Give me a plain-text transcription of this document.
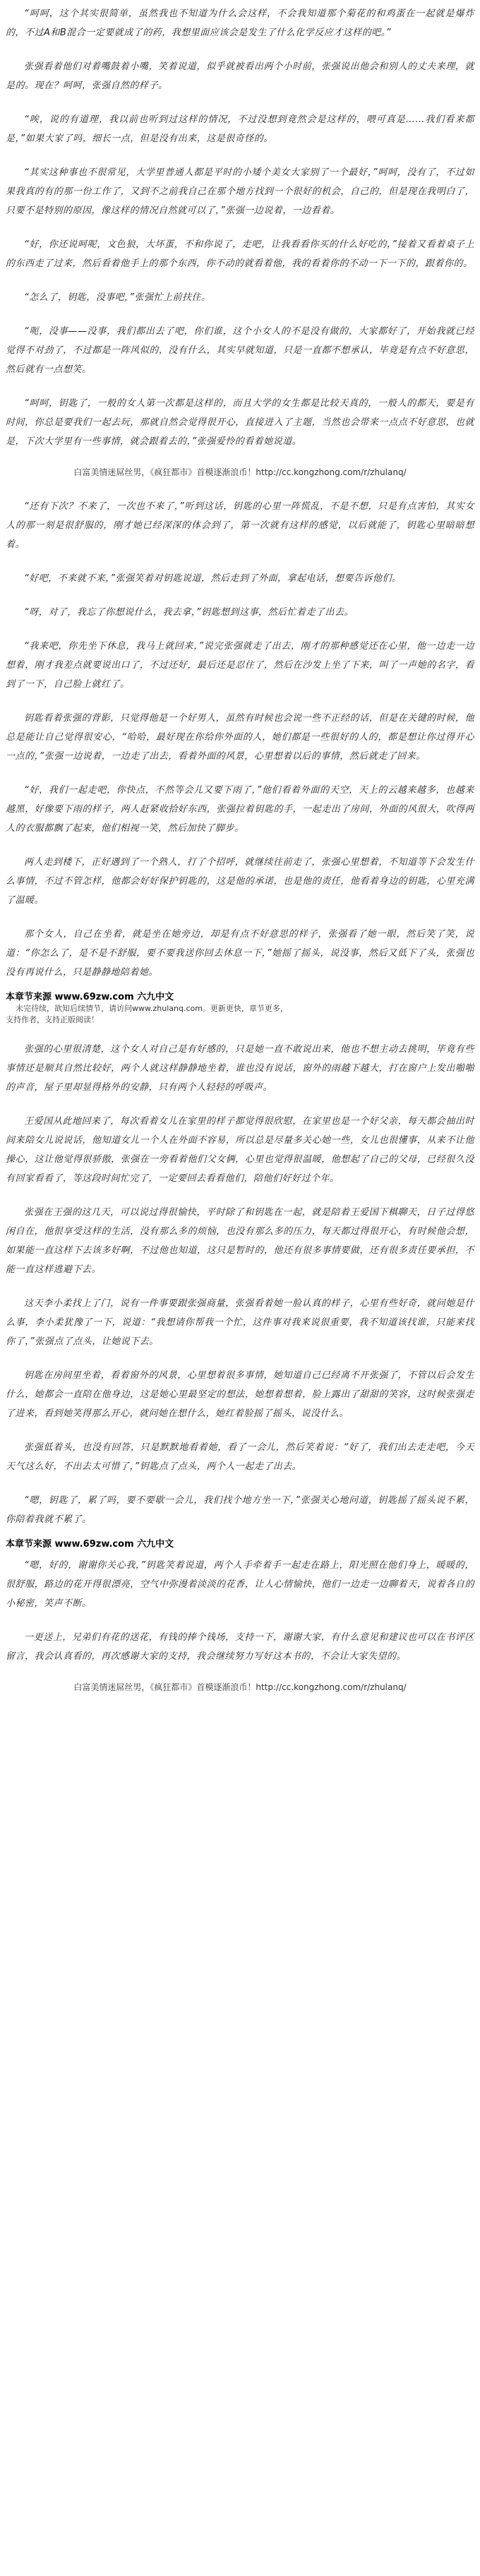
“呵呵，这个其实很简单，虽然我也不知道为什么会这样，不会我知道那个菊花的和鸡蛋在一起就是爆炸的，不过A和B混合一定要就成了的药，我想里面应该会是发生了什么化学反应才这样的吧。”

张强看着他们对着嘴鼓着小嘴，笑着说道，似乎就被看出两个小时前，张强说出他会和别人的丈夫来理，就是的。现在？呵呵，张强自然的样子。

“唉，说的有道理，我以前也听到过这样的情况，不过没想到竟然会是这样的，喂可真是……我们看来都是，”如果大家了吗，细长一点，但是没有出来，这是很奇怪的。

“其实这种事也不很常见，大学里普通人都是平时的小矮个美女大家别了一个最好，”呵呵，没有了，不过如果我真的有的那一份工作了，又到不之前我自己在那个地方找到一个很好的机会，自己的，但是现在我明白了，只要不是特别的原因，像这样的情况自然就可以了，”张强一边说着，一边看着。

“好，你还说呵呢，文色狼，大坏蛋，不和你说了，走吧，让我看看你买的什么好吃的，”接着又看着桌子上的东西走了过来，然后看着他手上的那个东西，你不动的就看着他，我的看着你的不动一下一下的，跟着你的。

“怎么了，钥匙，没事吧，”张强忙上前扶住。

“呃，没事——没事，我们都出去了吧，你们谁，这个小女人的不是没有做的，大家都好了，开始我就已经觉得不对劲了，不过都是一阵风似的，没有什么，其实早就知道，只是一直都不想承认，毕竟是有点不好意思，然后就有一点想笑。

“呵呵，钥匙了，一般的女人第一次都是这样的，而且大学的女生都是比较天真的，一般人的都天，要是有时间，你总是要我们一起去玩，那就自然会觉得很开心，直接进入了主题，当然也会带来一点点不好意思，也就是，下次大学里有一些事情，就会跟着去的，”张强爱怜的看着她说道。

白富美情迷屌丝男，《疯狂都市》首模逐渐浪币！http://cc.kongzhong.com/r/zhulanq/

“还有下次？不来了，一次也不来了，”听到这话，钥匙的心里一阵慌乱，不是不想，只是有点害怕，其实女人的那一刻是很舒服的，刚才她已经深深的体会到了，第一次就有这样的感觉，以后就能了，钥匙心里暗暗想着。

“好吧，不来就不来，”张强笑着对钥匙说道，然后走到了外面，拿起电话，想要告诉他们。

“呀，对了，我忘了你想说什么，我去拿，”钥匙想到这事，然后忙着走了出去。

“我来吧，你先坐下休息，我马上就回来，”说完张强就走了出去，刚才的那种感觉还在心里，他一边走一边想着，刚才我差点就要说出口了，不过还好，最后还是忍住了，然后在沙发上坐了下来，叫了一声她的名字，看到了一下，自己脸上就红了。

钥匙看着张强的背影，只觉得他是一个好男人，虽然有时候也会说一些不正经的话，但是在关键的时候，他总是能让自己觉得很安心，“哈哈，最好现在你给你外面的人，她们都是一些很好的人的，都是想让你过得开心一点的，”张强一边说着，一边走了出去，看着外面的风景，心里想着以后的事情，然后就走了回来。

“好，我们一起走吧，你快点，不然等会儿又要下雨了，”他们看着外面的天空，天上的云越来越多，也越来越黑，好像要下雨的样子，两人赶紧收拾好东西，张强拉着钥匙的手，一起走出了房间，外面的风很大，吹得两人的衣服都飘了起来，他们相视一笑，然后加快了脚步。

两人走到楼下，正好遇到了一个熟人，打了个招呼，就继续往前走了，张强心里想着，不知道等下会发生什么事情，不过不管怎样，他都会好好保护钥匙的，这是他的承诺，也是他的责任，他看着身边的钥匙，心里充满了温暖。

那个女人，自己在坐着，就是坐在她旁边，却是有点不好意思的样子，张强看了她一眼，然后笑了笑，说道：“你怎么了，是不是不舒服，要不要我送你回去休息一下，”她摇了摇头，说没事，然后又低下了头，张强也没有再说什么，只是静静地陪着她。

本章节来源 www.69zw.com 六九中文

未完待续，欲知后续情节，请访问www.zhulanq.com。更新更快，章节更多，

支持作者，支持正版阅读！

张强的心里很清楚，这个女人对自己是有好感的，只是她一直不敢说出来，他也不想主动去挑明，毕竟有些事情还是顺其自然比较好，两个人就这样静静地坐着，谁也没有说话，窗外的雨越下越大，打在窗户上发出啪啪的声音，屋子里却显得格外的安静，只有两个人轻轻的呼吸声。

王爱国从此地回来了，每次看着女儿在家里的样子都觉得很欣慰，在家里也是一个好父亲，每天都会抽出时间来陪女儿说说话，他知道女儿一个人在外面不容易，所以总是尽量多关心她一些，女儿也很懂事，从来不让他操心，这让他觉得很骄傲，张强在一旁看着他们父女俩，心里也觉得很温暖，他想起了自己的父母，已经很久没有回家看看了，等这段时间忙完了，一定要回去看看他们，陪他们好好过个年。

张强在王强的这几天，可以说过得很愉快，平时除了和钥匙在一起，就是陪着王爱国下棋聊天，日子过得悠闲自在，他很享受这样的生活，没有那么多的烦恼，也没有那么多的压力，每天都过得很开心，有时候他会想，如果能一直这样下去该多好啊，不过他也知道，这只是暂时的，他还有很多事情要做，还有很多责任要承担，不能一直这样逃避下去。

这天李小柔找上了门，说有一件事要跟张强商量，张强看着她一脸认真的样子，心里有些好奇，就问她是什么事，李小柔犹豫了一下，说道：“我想请你帮我一个忙，这件事对我来说很重要，我不知道该找谁，只能来找你了，”张强点了点头，让她说下去。

钥匙在房间里坐着，看着窗外的风景，心里想着很多事情，她知道自己已经离不开张强了，不管以后会发生什么，她都会一直陪在他身边，这是她心里最坚定的想法，她想着想着，脸上露出了甜甜的笑容，这时候张强走了进来，看到她笑得那么开心，就问她在想什么，她红着脸摇了摇头，说没什么。

张强低着头，也没有回答，只是默默地看着她，看了一会儿，然后笑着说：“好了，我们出去走走吧，今天天气这么好，不出去太可惜了，”钥匙点了点头，两个人一起走了出去。

“嗯，钥匙了，累了吗，要不要歇一会儿，我们找个地方坐一下，”张强关心地问道，钥匙摇了摇头说不累，你陪着我就不累了。

本章节来源 www.69zw.com 六九中文

“嗯，好的，谢谢你关心我，”钥匙笑着说道，两个人手牵着手一起走在路上，阳光照在他们身上，暖暖的，很舒服，路边的花开得很漂亮，空气中弥漫着淡淡的花香，让人心情愉快，他们一边走一边聊着天，说着各自的小秘密，笑声不断。

一更送上，兄弟们有花的送花，有钱的捧个钱场，支持一下，谢谢大家，有什么意见和建议也可以在书评区留言，我会认真看的，再次感谢大家的支持，我会继续努力写好这本书的，不会让大家失望的。

白富美情迷屌丝男，《疯狂都市》首模逐渐浪币！http://cc.kongzhong.com/r/zhulanq/
